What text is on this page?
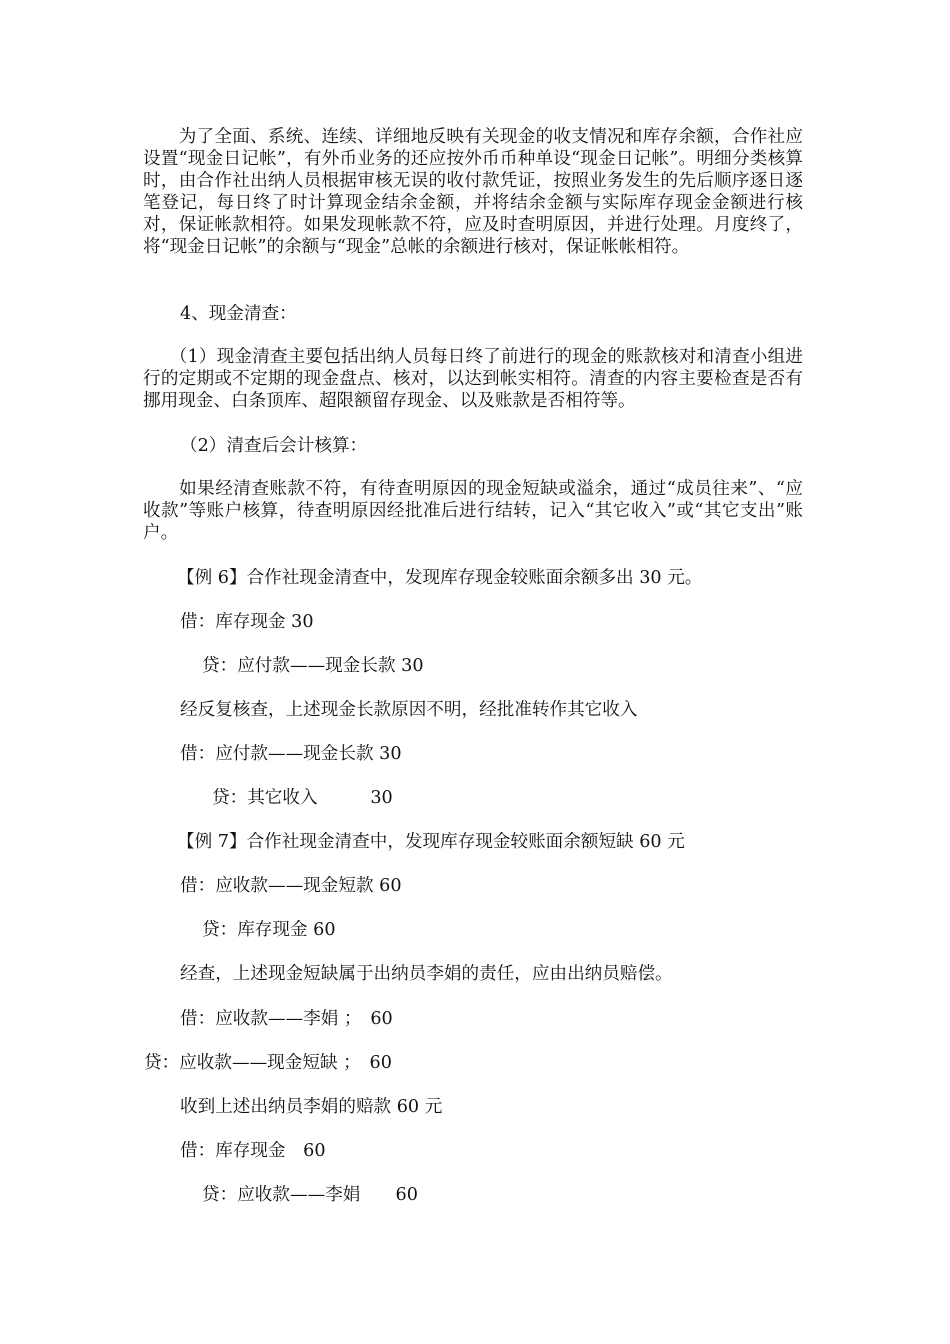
　　为了全面、系统、连续、详细地反映有关现金的收支情况和库存余额，合作社应设置“现金日记帐”，有外币业务的还应按外币币种单设“现金日记帐”。明细分类核算时，由合作社出纳人员根据审核无误的收付款凭证，按照业务发生的先后顺序逐日逐笔登记，每日终了时计算现金结余金额，并将结余金额与实际库存现金金额进行核对，保证帐款相符。如果发现帐款不符，应及时查明原因，并进行处理。月度终了，将“现金日记帐”的余额与“现金”总帐的余额进行核对，保证帐帐相符。

4、现金清查：

　　（1）现金清查主要包括出纳人员每日终了前进行的现金的账款核对和清查小组进行的定期或不定期的现金盘点、核对，以达到帐实相符。清查的内容主要检查是否有挪用现金、白条顶库、超限额留存现金、以及账款是否相符等。

（2）清查后会计核算：

　　如果经清查账款不符，有待查明原因的现金短缺或溢余，通过“成员往来”、“应收款”等账户核算，待查明原因经批准后进行结转，记入“其它收入”或“其它支出”账户。

【例 6】合作社现金清查中，发现库存现金较账面余额多出 30 元。

借：库存现金 30

贷：应付款——现金长款 30

经反复核查，上述现金长款原因不明，经批准转作其它收入

借：应付款——现金长款 30

贷：其它收入　　　30

【例 7】合作社现金清查中，发现库存现金较账面余额短缺 60 元

借：应收款——现金短款 60

贷：库存现金 60

经查，上述现金短缺属于出纳员李娟的责任，应由出纳员赔偿。

借：应收款——李娟 ；　60

贷：应收款——现金短缺 ；　60

收到上述出纳员李娟的赔款 60 元

借：库存现金　60

贷：应收款——李娟　　60
